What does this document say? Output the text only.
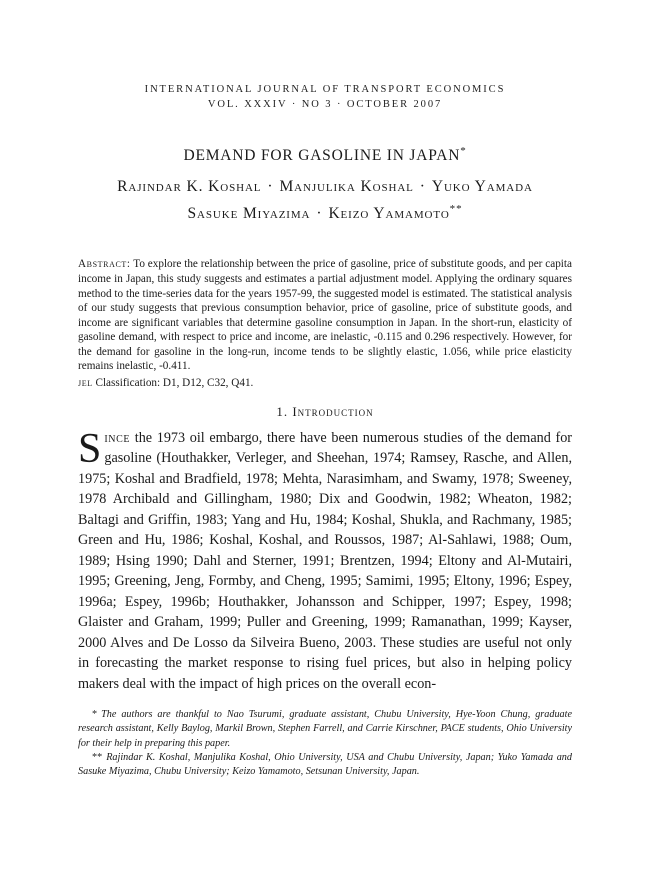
INTERNATIONAL JOURNAL OF TRANSPORT ECONOMICS
VOL. XXXIV · NO 3 · OCTOBER 2007
DEMAND FOR GASOLINE IN JAPAN*
Rajindar K. Koshal · Manjulika Koshal · Yuko Yamada
Sasuke Miyazima · Keizo Yamamoto**
Abstract: To explore the relationship between the price of gasoline, price of substitute goods, and per capita income in Japan, this study suggests and estimates a partial adjustment model. Applying the ordinary squares method to the time-series data for the years 1957-99, the suggested model is estimated. The statistical analysis of our study suggests that previous consumption behavior, price of gasoline, price of substitute goods, and income are significant variables that determine gasoline consumption in Japan. In the short-run, elasticity of gasoline demand, with respect to price and income, are inelastic, -0.115 and 0.296 respectively. However, for the demand for gasoline in the long-run, income tends to be slightly elastic, 1.056, while price elasticity remains inelastic, -0.411.
jel Classification: D1, D12, C32, Q41.
1. Introduction
Since the 1973 oil embargo, there have been numerous studies of the demand for gasoline (Houthakker, Verleger, and Sheehan, 1974; Ramsey, Rasche, and Allen, 1975; Koshal and Bradfield, 1978; Mehta, Narasimham, and Swamy, 1978; Sweeney, 1978 Archibald and Gillingham, 1980; Dix and Goodwin, 1982; Wheaton, 1982; Baltagi and Griffin, 1983; Yang and Hu, 1984; Koshal, Shukla, and Rachmany, 1985; Green and Hu, 1986; Koshal, Koshal, and Roussos, 1987; Al-Sahlawi, 1988; Oum, 1989; Hsing 1990; Dahl and Sterner, 1991; Brentzen, 1994; Eltony and Al-Mutairi, 1995; Greening, Jeng, Formby, and Cheng, 1995; Samimi, 1995; Eltony, 1996; Espey, 1996a; Espey, 1996b; Houthakker, Johansson and Schipper, 1997; Espey, 1998; Glaister and Graham, 1999; Puller and Greening, 1999; Ramanathan, 1999; Kayser, 2000 Alves and De Losso da Silveira Bueno, 2003. These studies are useful not only in forecasting the market response to rising fuel prices, but also in helping policy makers deal with the impact of high prices on the overall econ-

* The authors are thankful to Nao Tsurumi, graduate assistant, Chubu University, Hye-Yoon Chung, graduate research assistant, Kelly Baylog, Markil Brown, Stephen Farrell, and Carrie Kirschner, PACE students, Ohio University for their help in preparing this paper.

** Rajindar K. Koshal, Manjulika Koshal, Ohio University, USA and Chubu University, Japan; Yuko Yamada and Sasuke Miyazima, Chubu University; Keizo Yamamoto, Setsunan University, Japan.
